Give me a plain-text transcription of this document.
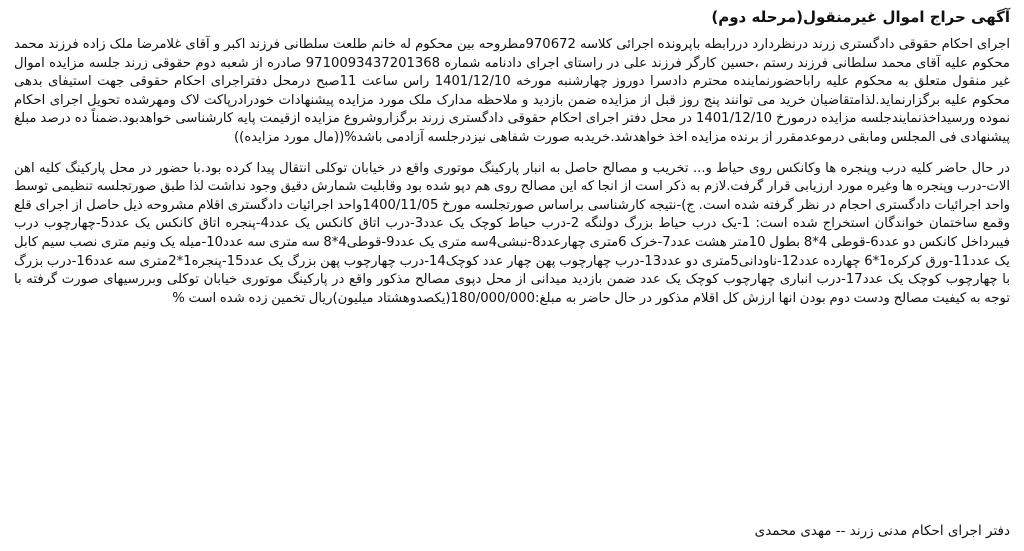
آگهی حراج اموال غیرمنقول(مرحله دوم)

اجرای احکام حقوقی دادگستری زرند درنظردارد دررابطه باپرونده اجرائی کلاسه 970672مطروحه بین محکوم له خانم طلعت سلطانی فرزند اکبر و آقای غلامرضا ملک زاده فرزند محمد محکوم علیه آقای محمد سلطانی فرزند رستم ،حسین کارگر فرزند علی در راستای اجرای دادنامه شماره 9710093437201368 صادره از شعبه دوم حقوقی زرند جلسه مزایده اموال غیر منقول متعلق به محکوم علیه راباحضورنماینده محترم دادسرا دوروز چهارشنبه مورخه 1401/12/10 راس ساعت 11صبح درمحل دفتراجرای احکام حقوقی جهت استیفای بدهی محکوم علیه برگزارنماید.لذامتقاضیان خرید می توانند پنج روز قبل از مزایده ضمن بازدید و ملاحظه مدارک ملک مورد مزایده پیشنهادات خودرادرپاکت لاک ومهرشده تحویل اجرای احکام نموده ورسیداخذنمایندجلسه مزایده درمورخ 1401/12/10 در محل دفتر اجرای احکام حقوقی دادگستری زرند برگزاروشروع مزایده ازقیمت پایه کارشناسی خواهدبود.ضمناً ده درصد مبلغ پیشنهادی فی المجلس ومابقی درموعدمقرر از برنده مزایده اخذ خواهدشد.خریدبه صورت شفاهی نیزدرجلسه آزادمی باشد%((مال مورد مزایده))

در حال حاضر کلیه درب وپنجره ها وکانکس روی حیاط و... تخریب و مصالح حاصل به انبار پارکینگ موتوری واقع در خیابان توکلی انتقال پیدا کرده بود.با حضور در محل پارکینگ کلیه اهن الات-درب وپنجره ها وغیره مورد ارزیابی قرار گرفت.لازم به ذکر است از انجا که این مصالح روی هم دپو شده بود وقابلیت شمارش دقیق وجود نداشت لذا طبق صورتجلسه تنظیمی توسط واحد اجرائیات دادگستری احجام در نظر گرفته شده است. ج)-نتیجه کارشناسی براساس صورتجلسه مورخ 1400/11/05واحد اجرائیات دادگستری اقلام مشروحه ذیل حاصل از اجرای قلع وقمع ساختمان خواندگان استخراج شده است: 1-یک درب حیاط بزرگ دولنگه 2-درب حیاط کوچک یک عدد3-درب اتاق کانکس یک عدد4-پنجره اتاق کانکس یک عدد5-چهارچوب درب فیبرداخل کانکس دو عدد6-قوطی 4*8 بطول 10متر هشت عدد7-خرک 6متری چهارعدد8-نبشی4سه متری یک عدد9-قوطی4*8 سه متری سه عدد10-میله یک ونیم متری نصب سیم کابل یک عدد11-ورق کرکره1*6 چهارده عدد12-ناودانی5متری دو عدد13-درب چهارچوب پهن چهار عدد کوچک14-درب چهارچوب پهن بزرگ یک عدد15-پنجره1*2متری سه عدد16-درب بزرگ با چهارچوب کوچک یک عدد17-درب انباری چهارچوب کوچک یک عدد ضمن بازدید میدانی از محل دپوی مصالح مذکور واقع در پارکینگ موتوری خیابان توکلی وبررسیهای صورت گرفته با توجه به کیفیت مصالح ودست دوم بودن انها ارزش کل اقلام مذکور در حال حاضر به مبلغ:180/000/000(یکصدوهشتاد میلیون)ریال تخمین زده شده است %

دفتر اجرای احکام مدنی زرند -- مهدی محمدی
